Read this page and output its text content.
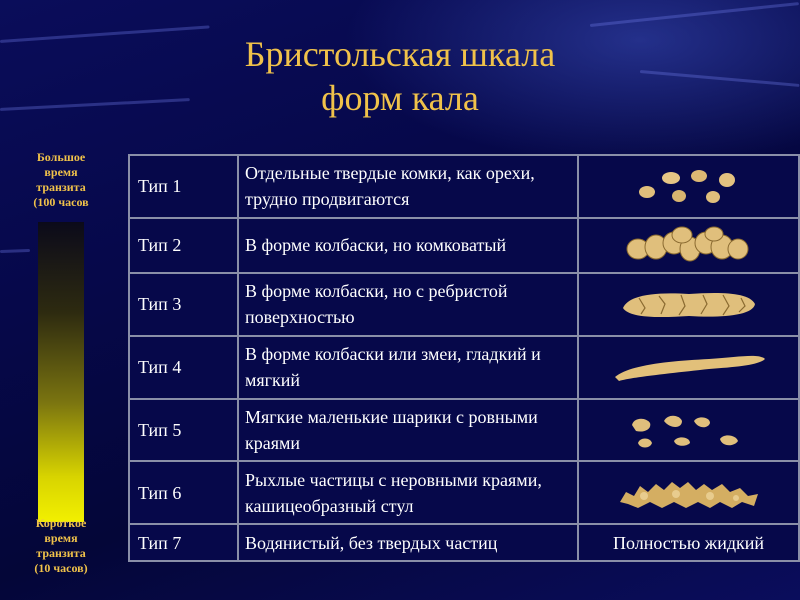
Бристольская шкала
форм кала
Большое
время
транзита
(100 часов
Короткое
время
транзита
(10 часов)
Тип 1	Отдельные твердые комки, как орехи, трудно продвигаются	

Тип 2	В форме колбаски, но комковатый	

Тип 3	В форме колбаски, но с ребристой поверхностью	

Тип 4	В форме колбаски или змеи, гладкий и мягкий	

Тип 5	Мягкие маленькие шарики с ровными краями	

Тип 6	Рыхлые частицы с неровными краями, кашицеобразный стул	

Тип 7	Водянистый, без твердых частиц	Полностью жидкий
